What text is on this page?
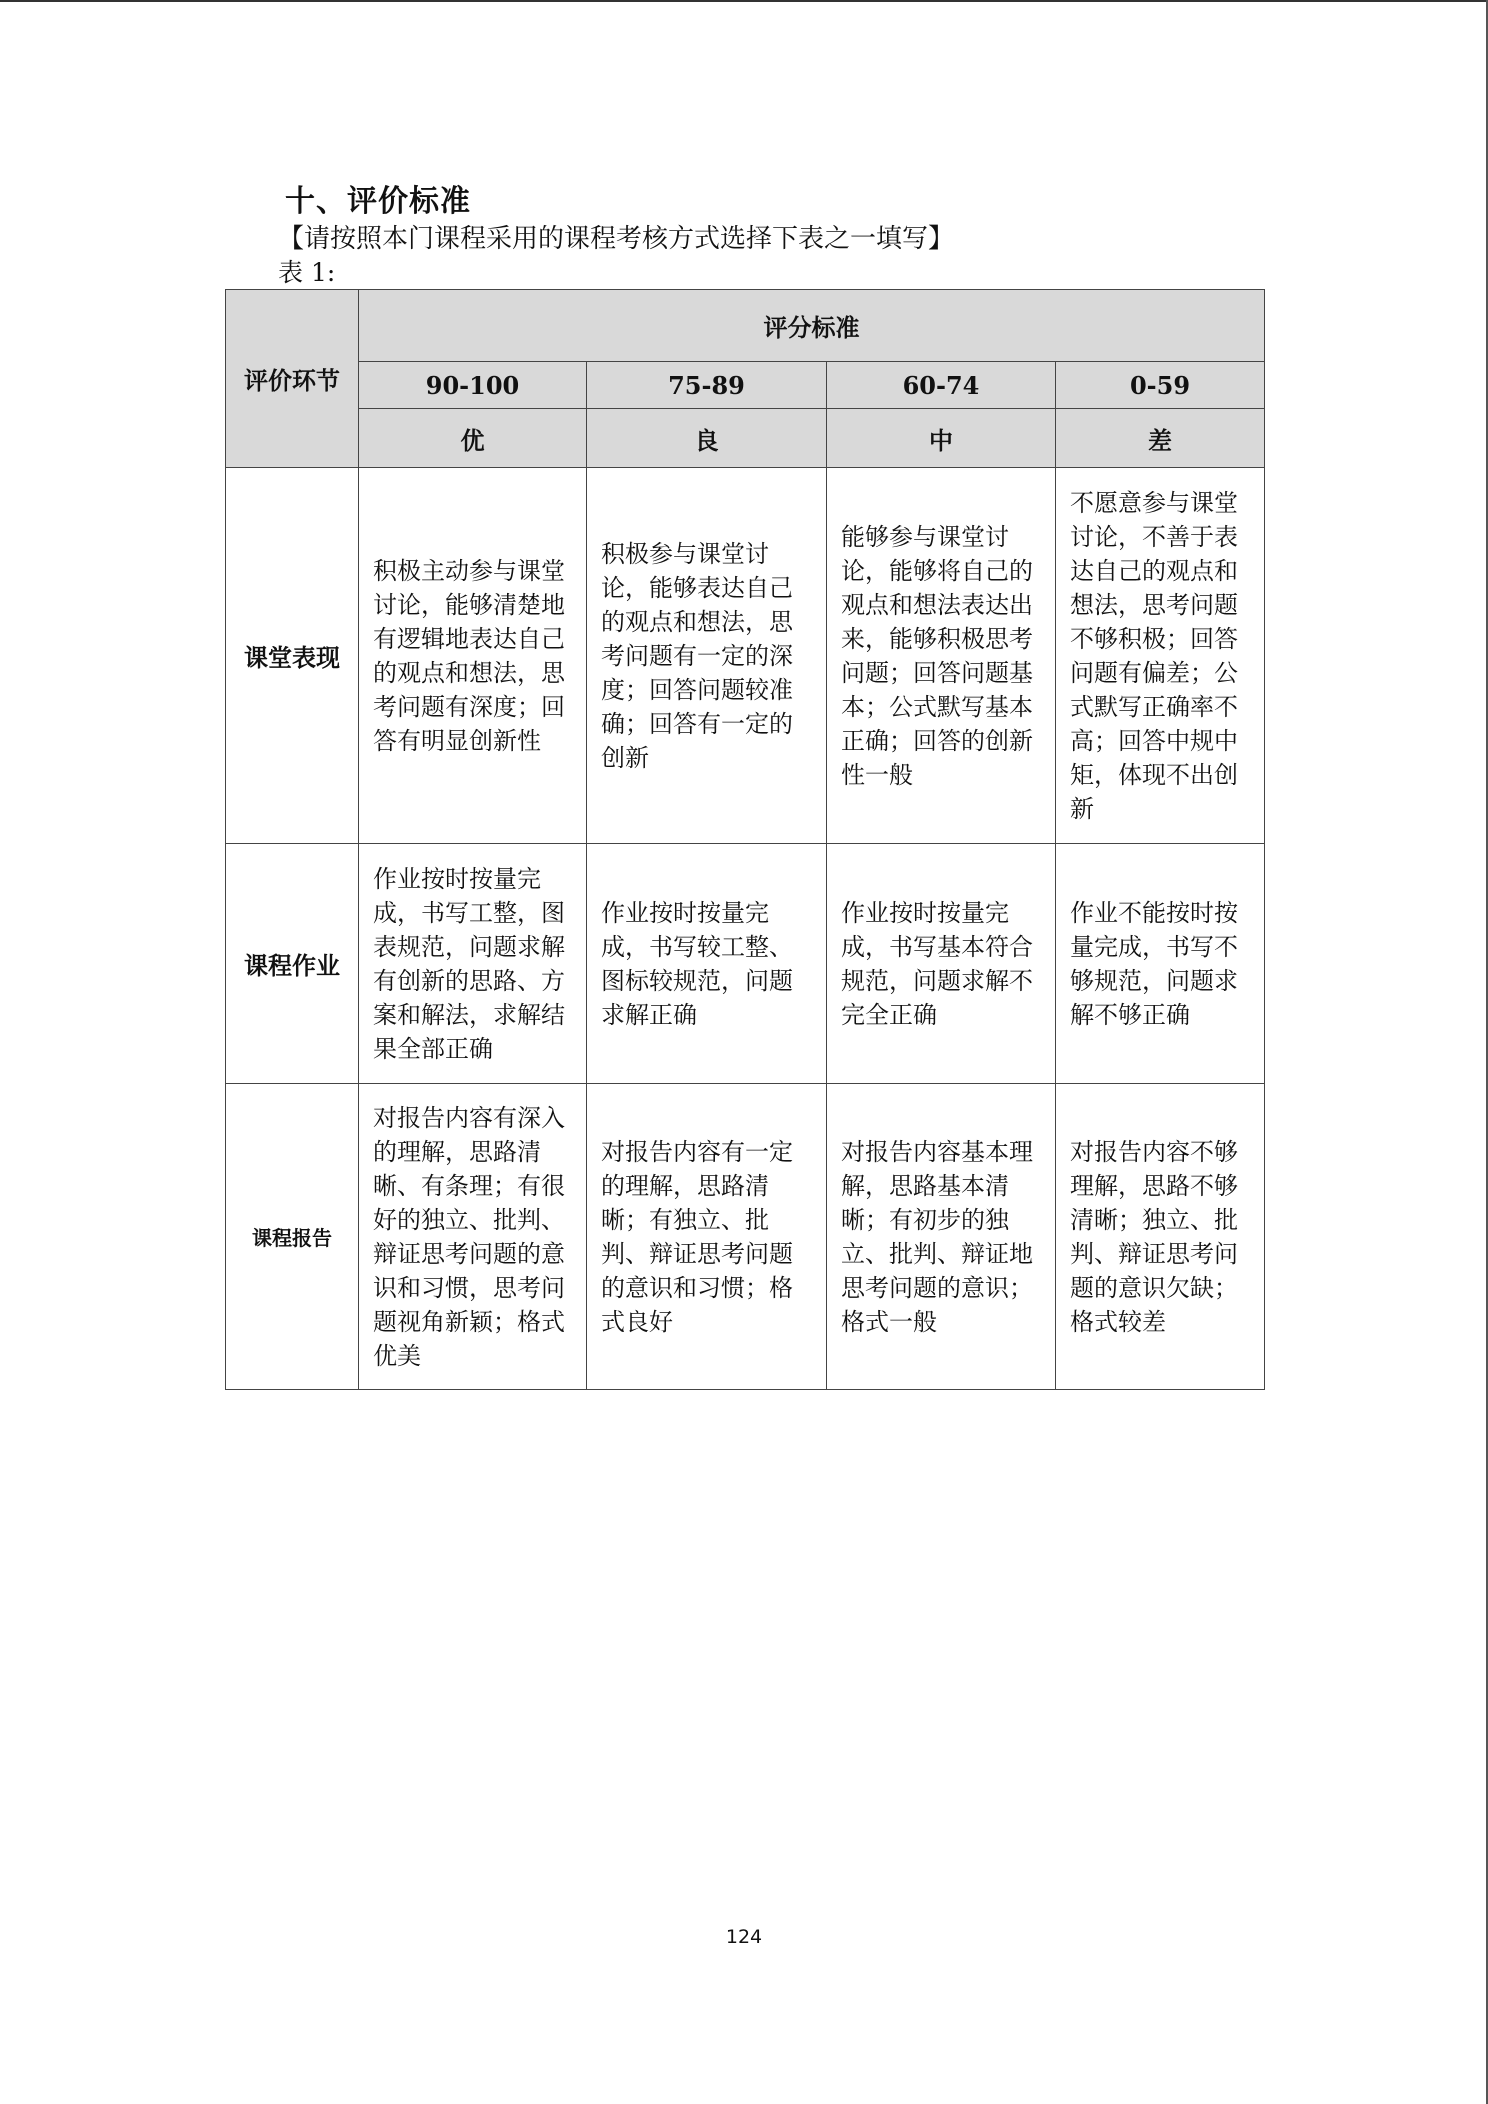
十、评价标准
【请按照本门课程采用的课程考核方式选择下表之一填写】
表 1:
评价环节	评分标准			
	90-100	75-89	60-74	0-59
	优	良	中	差
课堂表现	积极主动参与课堂讨论，能够清楚地有逻辑地表达自己的观点和想法，思考问题有深度；回答有明显创新性	积极参与课堂讨论，能够表达自己的观点和想法，思考问题有一定的深度；回答问题较准确；回答有一定的创新	能够参与课堂讨论，能够将自己的观点和想法表达出来，能够积极思考问题；回答问题基本；公式默写基本正确；回答的创新性一般	不愿意参与课堂讨论，不善于表达自己的观点和想法，思考问题不够积极；回答问题有偏差；公式默写正确率不高；回答中规中矩，体现不出创新
课程作业	作业按时按量完成，书写工整，图表规范，问题求解有创新的思路、方案和解法，求解结果全部正确	作业按时按量完成，书写较工整、图标较规范，问题求解正确	作业按时按量完成，书写基本符合规范，问题求解不完全正确	作业不能按时按量完成，书写不够规范，问题求解不够正确
课程报告	对报告内容有深入的理解，思路清晰、有条理；有很好的独立、批判、辩证思考问题的意识和习惯，思考问题视角新颖；格式优美	对报告内容有一定的理解，思路清晰；有独立、批判、辩证思考问题的意识和习惯；格式良好	对报告内容基本理解，思路基本清晰；有初步的独立、批判、辩证地思考问题的意识；格式一般	对报告内容不够理解，思路不够清晰；独立、批判、辩证思考问题的意识欠缺；格式较差
124
